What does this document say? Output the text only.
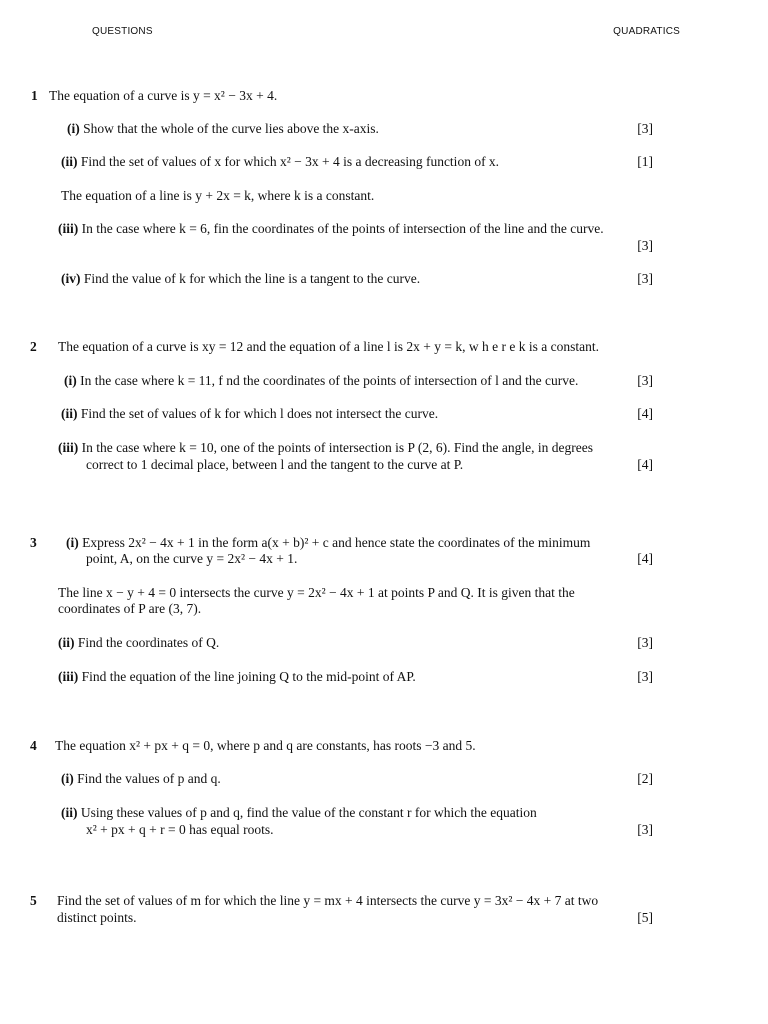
QUESTIONS	QUADRATICS
1 The equation of a curve is y = x² − 3x + 4.
(i) Show that the whole of the curve lies above the x-axis.	[3]
(ii) Find the set of values of x for which x² − 3x + 4 is a decreasing function of x.	[1]
The equation of a line is y + 2x = k, where k is a constant.
(iii) In the case where k = 6, fin the coordinates of the points of intersection of the line and the curve.
[3]
(iv) Find the value of k for which the line is a tangent to the curve.	[3]
2 The equation of a curve is xy = 12 and the equation of a line l is 2x + y = k, w h e r e k is a constant.
(i) In the case where k = 11, f nd the coordinates of the points of intersection of l and the curve.	[3]
(ii) Find the set of values of k for which l does not intersect the curve.	[4]
(iii) In the case where k = 10, one of the points of intersection is P (2, 6). Find the angle, in degrees
correct to 1 decimal place, between l and the tangent to the curve at P.	[4]
3 (i) Express 2x² − 4x + 1 in the form a(x + b)² + c and hence state the coordinates of the minimum
point, A, on the curve y = 2x² − 4x + 1.	[4]
The line x − y + 4 = 0 intersects the curve y = 2x² − 4x + 1 at points P and Q. It is given that the
coordinates of P are (3, 7).
(ii) Find the coordinates of Q.	[3]
(iii) Find the equation of the line joining Q to the mid-point of AP.	[3]
4 The equation x² + px + q = 0, where p and q are constants, has roots −3 and 5.
(i) Find the values of p and q.	[2]
(ii) Using these values of p and q, find the value of the constant r for which the equation
x² + px + q + r = 0 has equal roots.	[3]
5 Find the set of values of m for which the line y = mx + 4 intersects the curve y = 3x² − 4x + 7 at two
distinct points.	[5]
